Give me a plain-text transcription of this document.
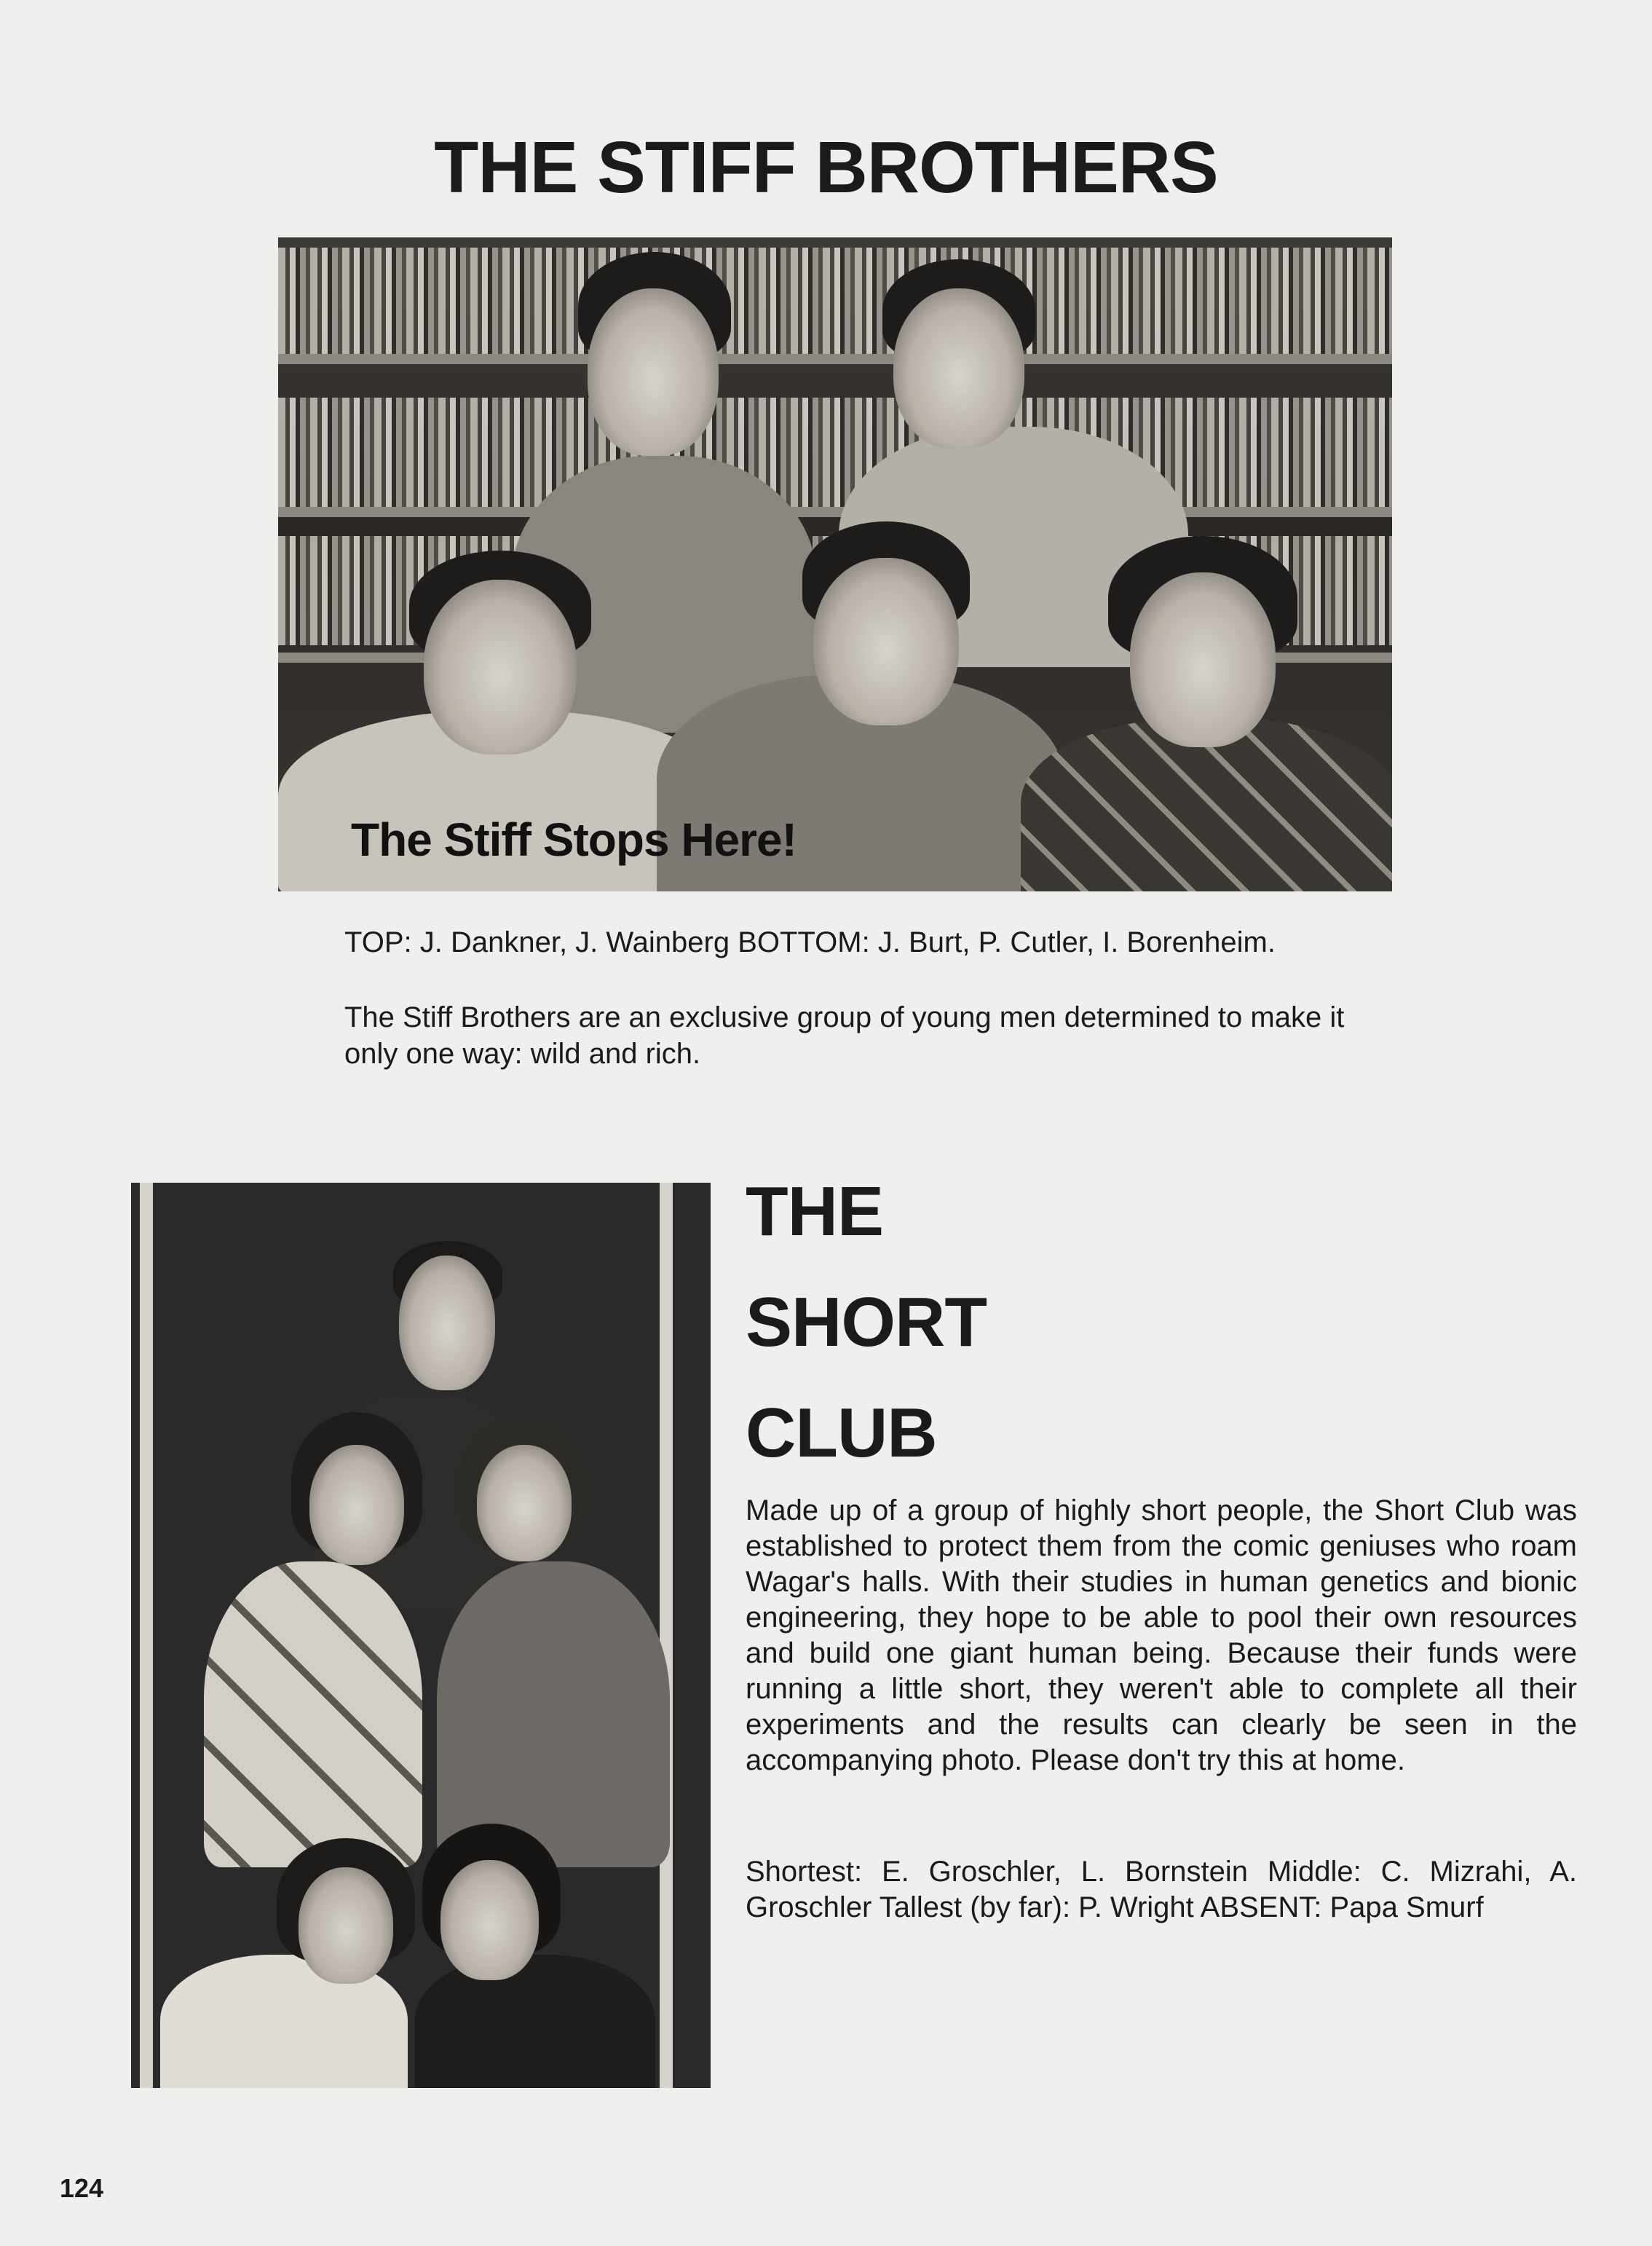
THE STIFF BROTHERS
The Stiff Stops Here!
TOP: J. Dankner, J. Wainberg BOTTOM: J. Burt, P. Cutler, I. Borenheim.
The Stiff Brothers are an exclusive group of young men determined to make it only one way: wild and rich.
THE
SHORT
CLUB
Made up of a group of highly short people, the Short Club was established to protect them from the comic geniuses who roam Wagar's halls. With their studies in human genetics and bionic engineering, they hope to be able to pool their own resources and build one giant human being. Because their funds were running a little short, they weren't able to complete all their experiments and the results can clearly be seen in the accompanying photo. Please don't try this at home.
Shortest: E. Groschler, L. Bornstein Middle: C. Mizrahi, A. Groschler Tallest (by far): P. Wright ABSENT: Papa Smurf
124
